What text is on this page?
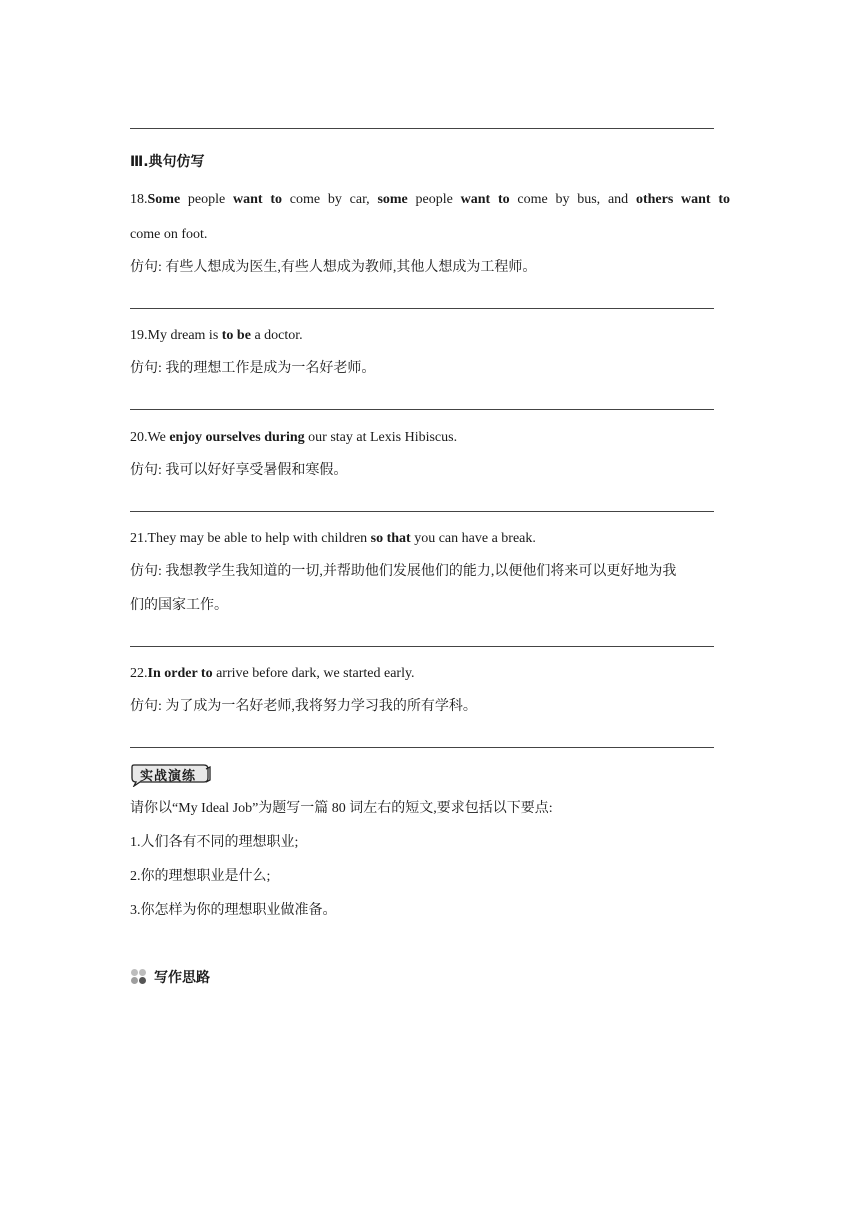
Ⅲ.典句仿写
18.Some people want to come by car, some people want to come by bus, and others want to
come on foot.
仿句: 有些人想成为医生,有些人想成为教师,其他人想成为工程师。
19.My dream is to be a doctor.
仿句: 我的理想工作是成为一名好老师。
20.We enjoy ourselves during our stay at Lexis Hibiscus.
仿句: 我可以好好享受暑假和寒假。
21.They may be able to help with children so that you can have a break.
仿句: 我想教学生我知道的一切,并帮助他们发展他们的能力,以便他们将来可以更好地为我
们的国家工作。
22.In order to arrive before dark, we started early.
仿句: 为了成为一名好老师,我将努力学习我的所有学科。
实战演练
请你以“My Ideal Job”为题写一篇 80 词左右的短文,要求包括以下要点:
1.人们各有不同的理想职业;
2.你的理想职业是什么;
3.你怎样为你的理想职业做准备。
写作思路
